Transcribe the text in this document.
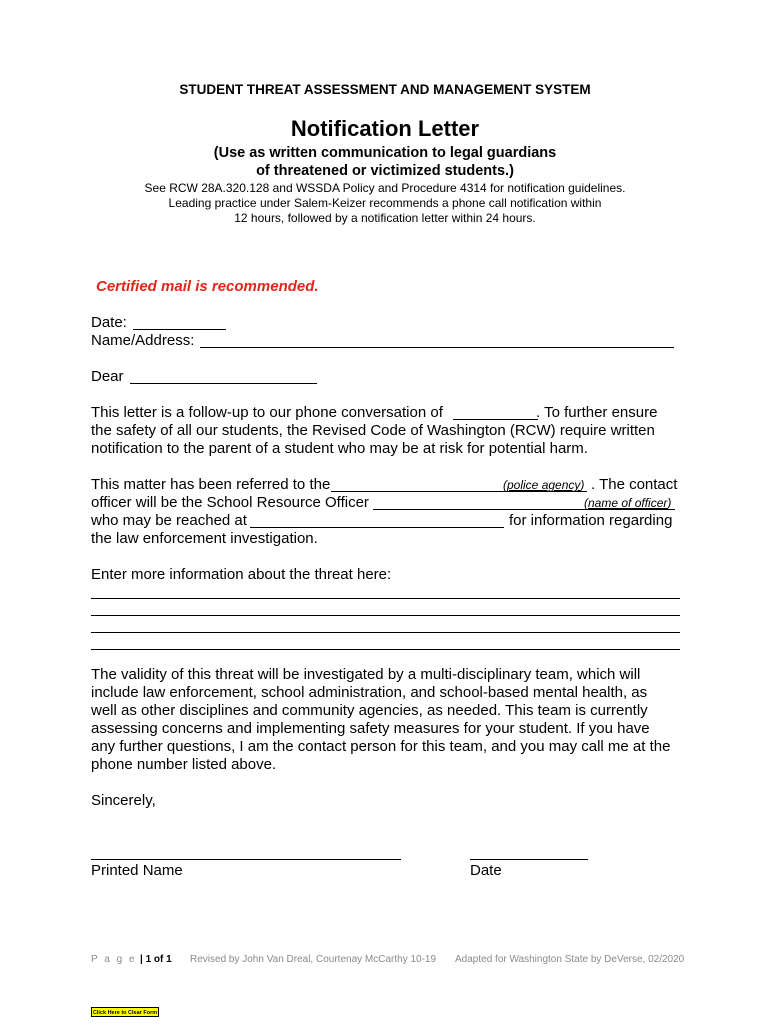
STUDENT THREAT ASSESSMENT AND MANAGEMENT SYSTEM
Notification Letter
(Use as written communication to legal guardians
of threatened or victimized students.)
See RCW 28A.320.128 and WSSDA Policy and Procedure 4314 for notification guidelines.
Leading practice under Salem-Keizer recommends a phone call notification within
12 hours, followed by a notification letter within 24 hours.
Certified mail is recommended.
Date:
Name/Address:
Dear
This letter is a follow-up to our phone conversation of	. To further ensure
the safety of all our students, the Revised Code of Washington (RCW) require written
notification to the parent of a student who may be at risk for potential harm.
This matter has been referred to the	(police agency) . The contact
officer will be the School Resource Officer	(name of officer)
who may be reached at	for information regarding
the law enforcement investigation.
Enter more information about the threat here:
The validity of this threat will be investigated by a multi-disciplinary team, which will
include law enforcement, school administration, and school-based mental health, as
well as other disciplines and community agencies, as needed. This team is currently
assessing concerns and implementing safety measures for your student. If you have
any further questions, I am the contact person for this team, and you may call me at the
phone number listed above.
Sincerely,
Printed Name	Date
P a g e | 1 of 1 Revised by John Van Dreal, Courtenay McCarthy 10-19 Adapted for Washington State by DeVerse, 02/2020
Click Here to Clear Form
